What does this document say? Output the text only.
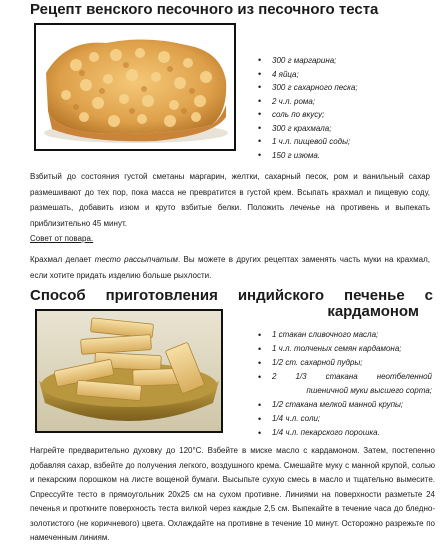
Рецепт венского песочного из песочного теста
• 300 г маргарина;
• 4 яйца;
• 300 г сахарного песка;
• 2 ч.л. рома;
• соль по вкусу;
• 300 г крахмала;
• 1 ч.л. пищевой соды;
• 150 г изюма.

Взбитый до состояния густой сметаны маргарин, желтки, сахарный песок, ром и ванильный сахар размешивают до тех пор, пока масса не превратится в густой крем. Всыпать крахмал и пищевую соду, размешать, добавить изюм и круто взбитые белки. Положить печенье на противень и выпекать приблизительно 45 минут.

Совет от повара.

Крахмал делает тесто рассыпчатым. Вы можете в других рецептах заменять часть муки на крахмал, если хотите придать изделию больше рыхлости.

Способ приготовления индийского печенье с
кардамоном
• 1 стакан сливочного масла;
• 1 ч.л. толченых семян кардамона;
• 1/2 ст. сахарной пудры;
• 2 1/3 стакана неотбеленной
пшеничной муки высшего сорта;
• 1/2 стакана мелкой манной крупы;
• 1/4 ч.л. соли;
• 1/4 ч.л. пекарского порошка.

Нагрейте предварительно духовку до 120°C. Взбейте в миске масло с кардамоном. Затем, постепенно добавляя сахар, взбейте до получения легкого, воздушного крема. Смешайте муку с манной крупой, солью и пекарским порошком на листе вощеной бумаги. Высыпьте сухую смесь в масло и тщательно вымесите. Спрессуйте тесто в прямоугольник 20x25 см на сухом противне. Линиями на поверхности разметьте 24 печенья и проткните поверхность теста вилкой через каждые 2,5 см. Выпекайте в течение часа до бледно-золотистого (не коричневого) цвета. Охлаждайте на противне в течение 10 минут. Осторожно разрежьте по намеченным линиям.
